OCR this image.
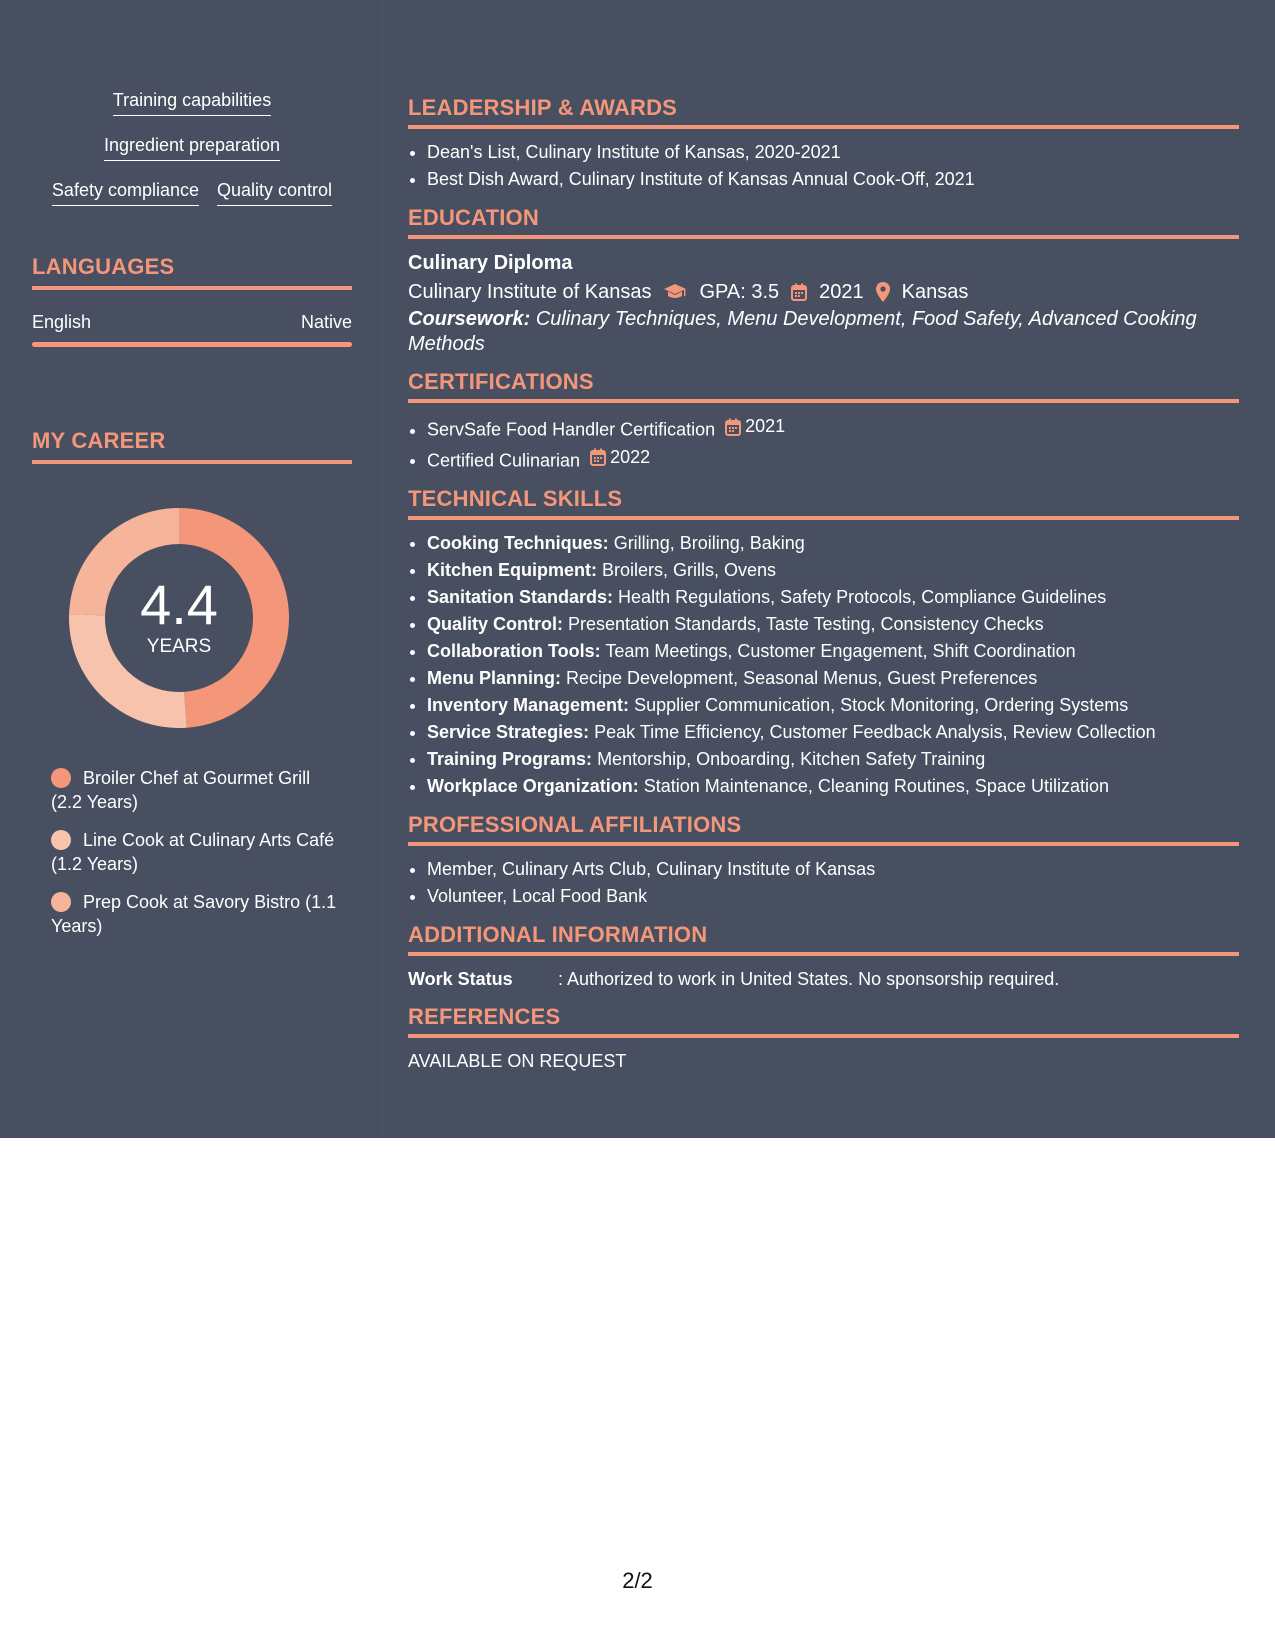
Training capabilities
Ingredient preparation
Safety compliance Quality control
LANGUAGES
English	Native
MY CAREER
4.4
YEARS
Broiler Chef at Gourmet Grill (2.2 Years)
Line Cook at Culinary Arts Café (1.2 Years)
Prep Cook at Savory Bistro (1.1 Years)
LEADERSHIP & AWARDS
• Dean's List, Culinary Institute of Kansas, 2020-2021
• Best Dish Award, Culinary Institute of Kansas Annual Cook-Off, 2021
EDUCATION
Culinary Diploma
Culinary Institute of Kansas GPA: 3.5 2021 Kansas
Coursework: Culinary Techniques, Menu Development, Food Safety, Advanced Cooking Methods
CERTIFICATIONS
• ServSafe Food Handler Certification 2021
• Certified Culinarian 2022
TECHNICAL SKILLS
• Cooking Techniques: Grilling, Broiling, Baking
• Kitchen Equipment: Broilers, Grills, Ovens
• Sanitation Standards: Health Regulations, Safety Protocols, Compliance Guidelines
• Quality Control: Presentation Standards, Taste Testing, Consistency Checks
• Collaboration Tools: Team Meetings, Customer Engagement, Shift Coordination
• Menu Planning: Recipe Development, Seasonal Menus, Guest Preferences
• Inventory Management: Supplier Communication, Stock Monitoring, Ordering Systems
• Service Strategies: Peak Time Efficiency, Customer Feedback Analysis, Review Collection
• Training Programs: Mentorship, Onboarding, Kitchen Safety Training
• Workplace Organization: Station Maintenance, Cleaning Routines, Space Utilization
PROFESSIONAL AFFILIATIONS
• Member, Culinary Arts Club, Culinary Institute of Kansas
• Volunteer, Local Food Bank
ADDITIONAL INFORMATION
Work Status	: Authorized to work in United States. No sponsorship required.
REFERENCES
AVAILABLE ON REQUEST
2/2
